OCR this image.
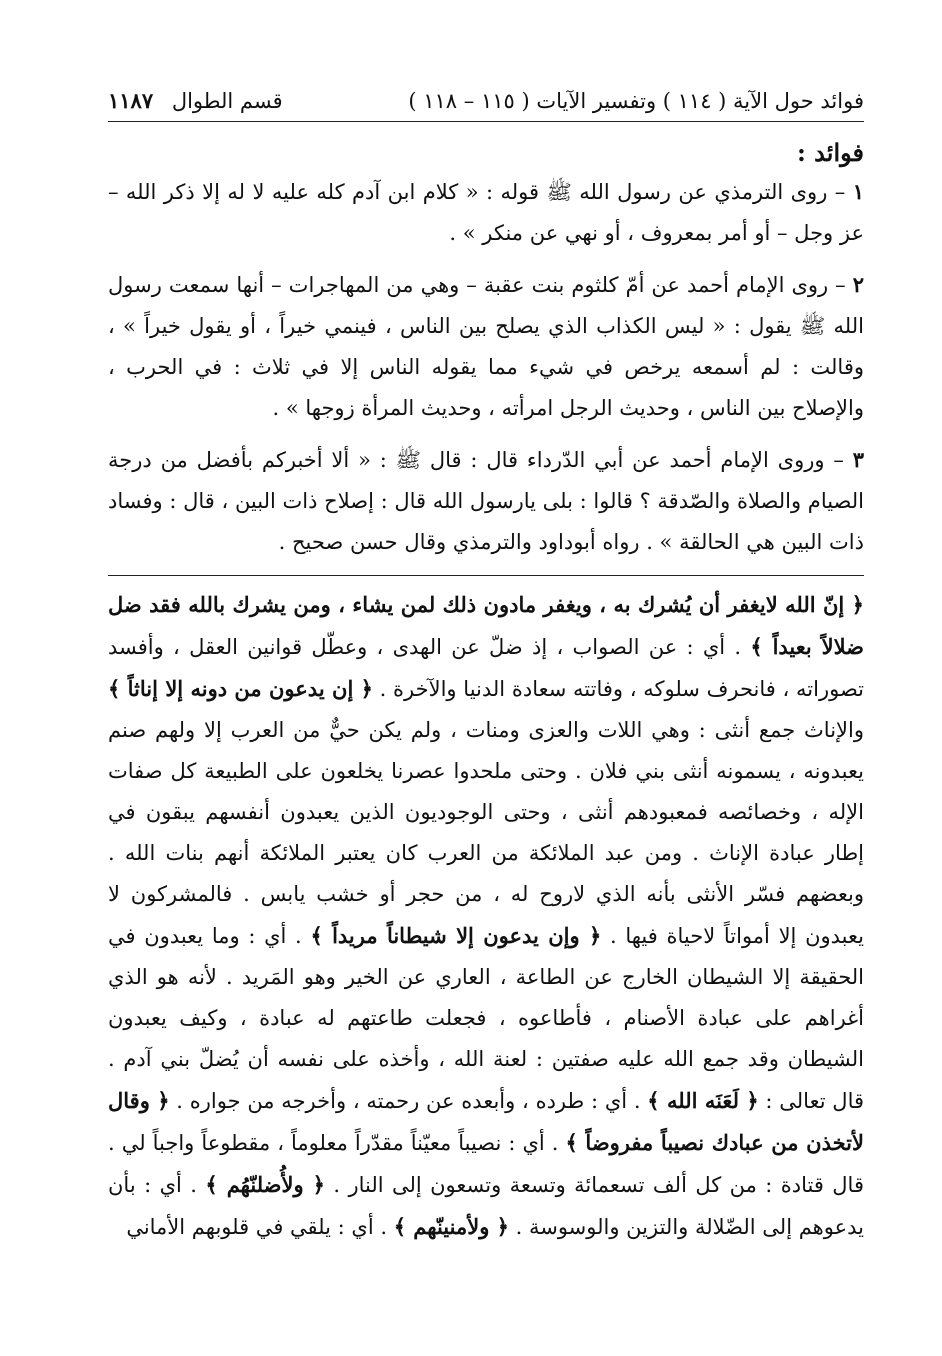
فوائد حول الآية ( ١١٤ ) وتفسير الآيات ( ١١٥ – ١١٨ )
قسم الطوال ١١٨٧
فوائد :

١ – روى الترمذي عن رسول الله ﷺ قوله : « كلام ابن آدم كله عليه لا له إلا ذكر الله – عز وجل – أو أمر بمعروف ، أو نهي عن منكر » .

٢ – روى الإمام أحمد عن أمّ كلثوم بنت عقبة – وهي من المهاجرات – أنها سمعت رسول الله ﷺ يقول : « ليس الكذاب الذي يصلح بين الناس ، فينمي خيراً ، أو يقول خيراً » ، وقالت : لم أسمعه يرخص في شيء مما يقوله الناس إلا في ثلاث : في الحرب ، والإصلاح بين الناس ، وحديث الرجل امرأته ، وحديث المرأة زوجها » .

٣ – وروى الإمام أحمد عن أبي الدّرداء قال : قال ﷺ : « ألا أخبركم بأفضل من درجة الصيام والصلاة والصّدقة ؟ قالوا : بلى يارسول الله قال : إصلاح ذات البين ، قال : وفساد ذات البين هي الحالقة » . رواه أبوداود والترمذي وقال حسن صحيح .

﴿ إنّ الله لايغفر أن يُشرك به ، ويغفر مادون ذلك لمن يشاء ، ومن يشرك بالله فقد ضل ضلالاً بعيداً ﴾ . أي : عن الصواب ، إذ ضلّ عن الهدى ، وعطّل قوانين العقل ، وأفسد تصوراته ، فانحرف سلوكه ، وفاتته سعادة الدنيا والآخرة . ﴿ إن يدعون من دونه إلا إناثاً ﴾ والإناث جمع أنثى : وهي اللات والعزى ومنات ، ولم يكن حيٌّ من العرب إلا ولهم صنم يعبدونه ، يسمونه أنثى بني فلان . وحتى ملحدوا عصرنا يخلعون على الطبيعة كل صفات الإله ، وخصائصه فمعبودهم أنثى ، وحتى الوجوديون الذين يعبدون أنفسهم يبقون في إطار عبادة الإناث . ومن عبد الملائكة من العرب كان يعتبر الملائكة أنهم بنات الله . وبعضهم فسّر الأنثى بأنه الذي لاروح له ، من حجر أو خشب يابس . فالمشركون لا يعبدون إلا أمواتاً لاحياة فيها . ﴿ وإن يدعون إلا شيطاناً مريداً ﴾ . أي : وما يعبدون في الحقيقة إلا الشيطان الخارج عن الطاعة ، العاري عن الخير وهو المَريد . لأنه هو الذي أغراهم على عبادة الأصنام ، فأطاعوه ، فجعلت طاعتهم له عبادة ، وكيف يعبدون الشيطان وقد جمع الله عليه صفتين : لعنة الله ، وأخذه على نفسه أن يُضلّ بني آدم . قال تعالى : ﴿ لَعَنَه الله ﴾ . أي : طرده ، وأبعده عن رحمته ، وأخرجه من جواره . ﴿ وقال لأتخذن من عبادك نصيباً مفروضاً ﴾ . أي : نصيباً معيّناً مقدّراً معلوماً ، مقطوعاً واجباً لي . قال قتادة : من كل ألف تسعمائة وتسعة وتسعون إلى النار . ﴿ ولأُضلنّهُم ﴾ . أي : بأن يدعوهم إلى الضّلالة والتزين والوسوسة . ﴿ ولأمنينّهم ﴾ . أي : يلقي في قلوبهم الأماني
